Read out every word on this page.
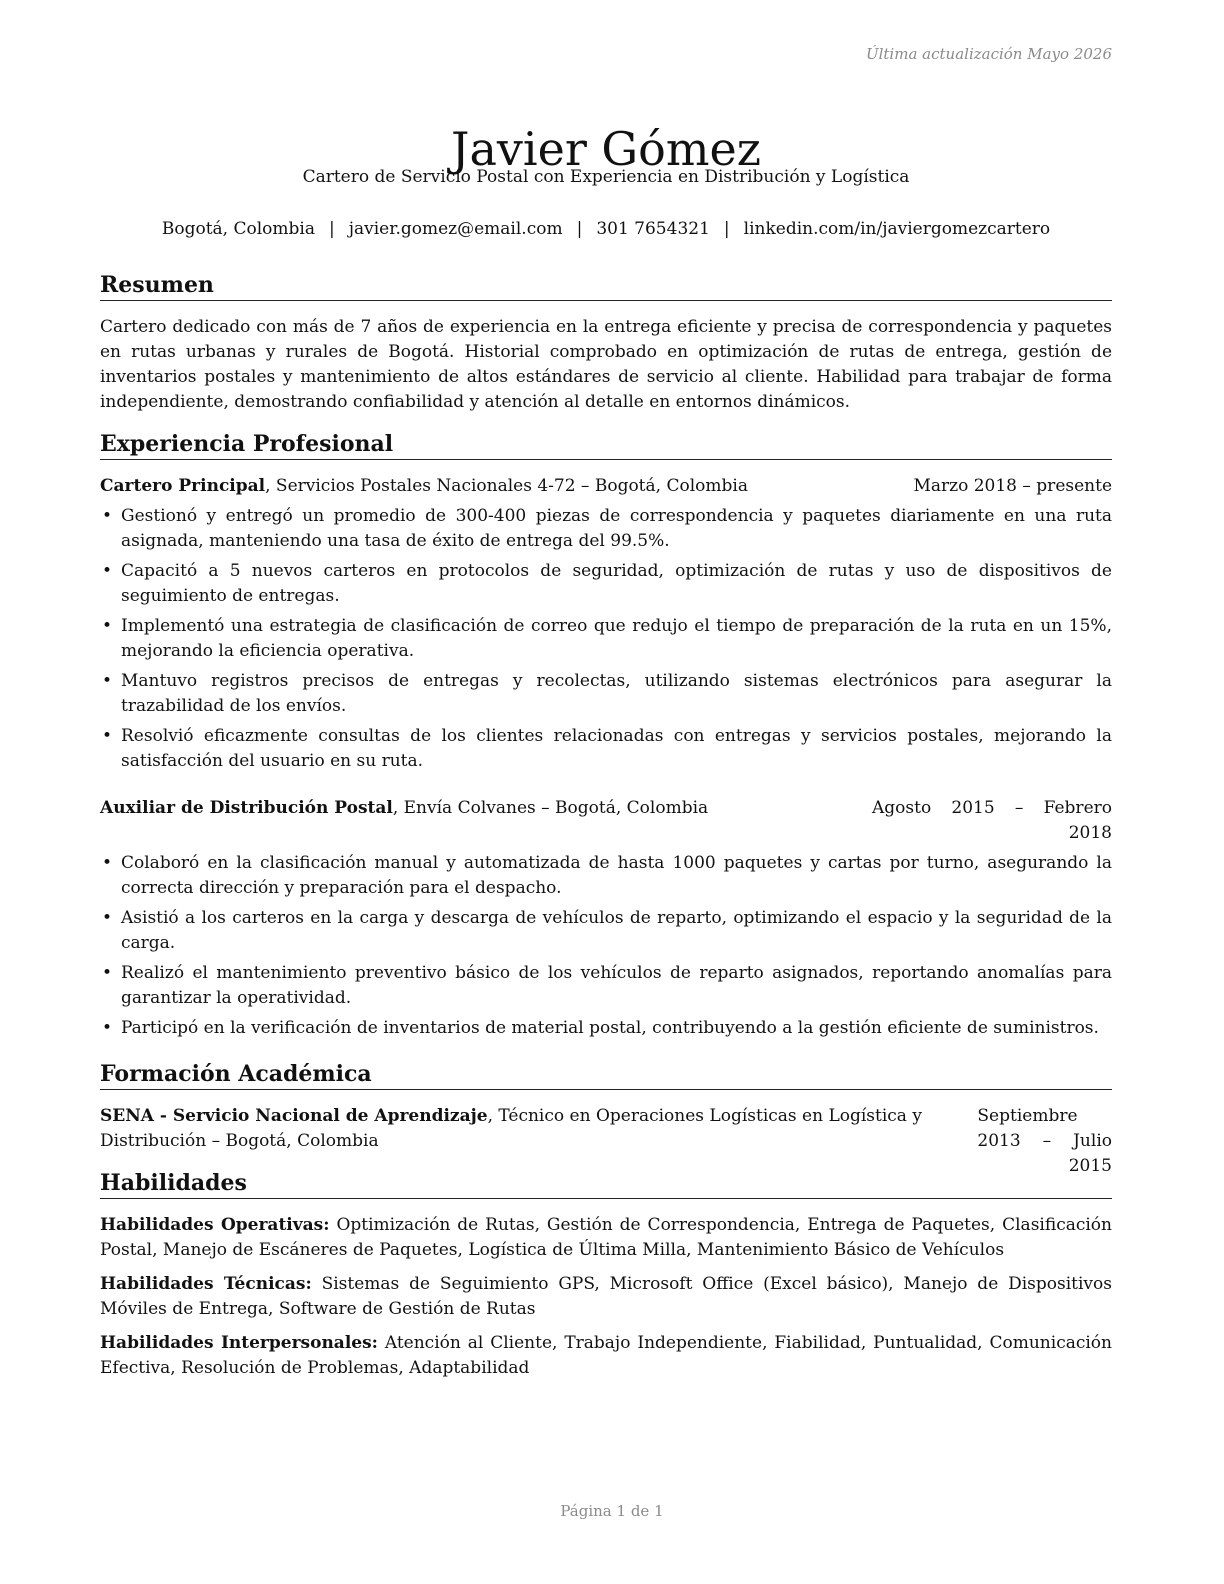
Última actualización Mayo 2026
Javier Gómez
Cartero de Servicio Postal con Experiencia en Distribución y Logística
Bogotá, Colombia | javier.gomez@email.com | 301 7654321 | linkedin.com/in/javiergomezcartero
Resumen

Cartero dedicado con más de 7 años de experiencia en la entrega eficiente y precisa de correspondencia y paquetes en rutas urbanas y rurales de Bogotá. Historial comprobado en optimización de rutas de entrega, gestión de inventarios postales y mantenimiento de altos estándares de servicio al cliente. Habilidad para trabajar de forma independiente, demostrando confiabilidad y atención al detalle en entornos dinámicos.

Experiencia Profesional
Cartero Principal, Servicios Postales Nacionales 4-72 – Bogotá, Colombia	Marzo 2018 – presente
• Gestionó y entregó un promedio de 300-400 piezas de correspondencia y paquetes diariamente en una ruta asignada, manteniendo una tasa de éxito de entrega del 99.5%.
• Capacitó a 5 nuevos carteros en protocolos de seguridad, optimización de rutas y uso de dispositivos de seguimiento de entregas.
• Implementó una estrategia de clasificación de correo que redujo el tiempo de preparación de la ruta en un 15%, mejorando la eficiencia operativa.
• Mantuvo registros precisos de entregas y recolectas, utilizando sistemas electrónicos para asegurar la trazabilidad de los envíos.
• Resolvió eficazmente consultas de los clientes relacionadas con entregas y servicios postales, mejorando la satisfacción del usuario en su ruta.
Auxiliar de Distribución Postal, Envía Colvanes – Bogotá, Colombia	Agosto 2015 – Febrero 2018
• Colaboró en la clasificación manual y automatizada de hasta 1000 paquetes y cartas por turno, asegurando la correcta dirección y preparación para el despacho.
• Asistió a los carteros en la carga y descarga de vehículos de reparto, optimizando el espacio y la seguridad de la carga.
• Realizó el mantenimiento preventivo básico de los vehículos de reparto asignados, reportando anomalías para garantizar la operatividad.
• Participó en la verificación de inventarios de material postal, contribuyendo a la gestión eficiente de suministros.
Formación Académica
SENA - Servicio Nacional de Aprendizaje, Técnico en Operaciones Logísticas en Logística y Distribución – Bogotá, Colombia
Septiembre 2013 – Julio 2015
Habilidades
Habilidades Operativas: Optimización de Rutas, Gestión de Correspondencia, Entrega de Paquetes, Clasificación Postal, Manejo de Escáneres de Paquetes, Logística de Última Milla, Mantenimiento Básico de Vehículos
Habilidades Técnicas: Sistemas de Seguimiento GPS, Microsoft Office (Excel básico), Manejo de Dispositivos Móviles de Entrega, Software de Gestión de Rutas
Habilidades Interpersonales: Atención al Cliente, Trabajo Independiente, Fiabilidad, Puntualidad, Comunicación Efectiva, Resolución de Problemas, Adaptabilidad
Página 1 de 1
